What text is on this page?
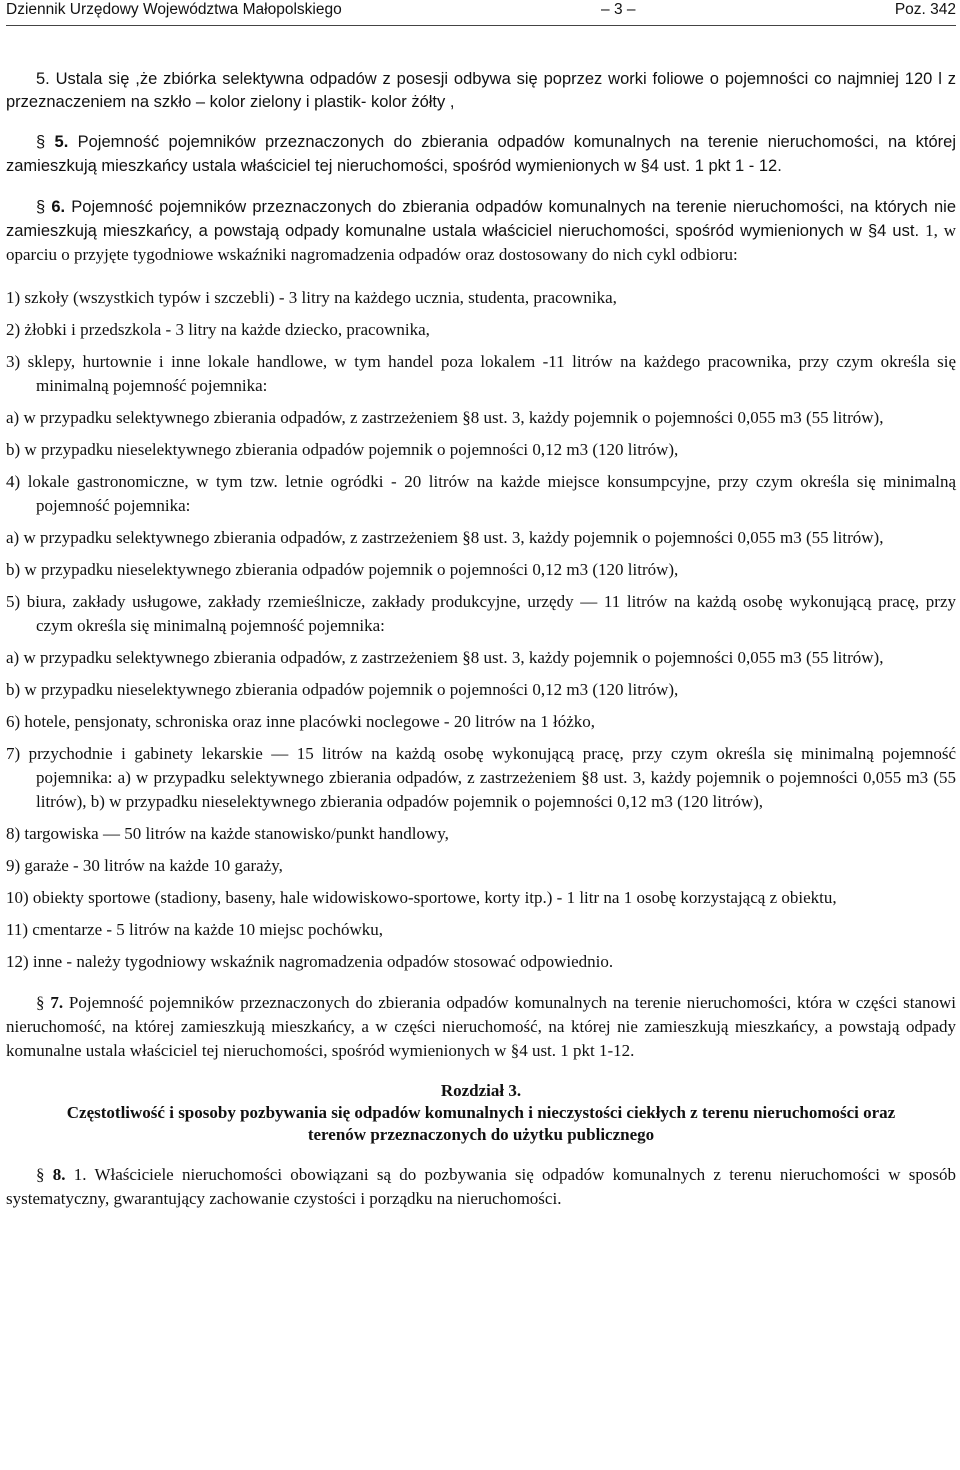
Dziennik Urzędowy Województwa Małopolskiego	– 3 –	Poz. 342

5. Ustala się ,że zbiórka selektywna odpadów z posesji odbywa się poprzez worki foliowe o pojemności co najmniej 120 l z przeznaczeniem na szkło – kolor zielony i plastik- kolor żółty ,

§ 5. Pojemność pojemników przeznaczonych do zbierania odpadów komunalnych na terenie nieruchomości, na której zamieszkują mieszkańcy ustala właściciel tej nieruchomości, spośród wymienionych w §4 ust. 1 pkt 1 - 12.

§ 6. Pojemność pojemników przeznaczonych do zbierania odpadów komunalnych na terenie nieruchomości, na których nie zamieszkują mieszkańcy, a powstają odpady komunalne ustala właściciel nieruchomości, spośród wymienionych w §4 ust. 1, w oparciu o przyjęte tygodniowe wskaźniki nagromadzenia odpadów oraz dostosowany do nich cykl odbioru:

1) szkoły (wszystkich typów i szczebli) - 3 litry na każdego ucznia, studenta, pracownika,

2) żłobki i przedszkola - 3 litry na każde dziecko, pracownika,

3) sklepy, hurtownie i inne lokale handlowe, w tym handel poza lokalem -11 litrów na każdego pracownika, przy czym określa się minimalną pojemność pojemnika:

a) w przypadku selektywnego zbierania odpadów, z zastrzeżeniem §8 ust. 3, każdy pojemnik o pojemności 0,055 m3 (55 litrów),

b) w przypadku nieselektywnego zbierania odpadów pojemnik o pojemności 0,12 m3 (120 litrów),

4) lokale gastronomiczne, w tym tzw. letnie ogródki - 20 litrów na każde miejsce konsumpcyjne, przy czym określa się minimalną pojemność pojemnika:

a) w przypadku selektywnego zbierania odpadów, z zastrzeżeniem §8 ust. 3, każdy pojemnik o pojemności 0,055 m3 (55 litrów),

b) w przypadku nieselektywnego zbierania odpadów pojemnik o pojemności 0,12 m3 (120 litrów),

5) biura, zakłady usługowe, zakłady rzemieślnicze, zakłady produkcyjne, urzędy — 11 litrów na każdą osobę wykonującą pracę, przy czym określa się minimalną pojemność pojemnika:

a) w przypadku selektywnego zbierania odpadów, z zastrzeżeniem §8 ust. 3, każdy pojemnik o pojemności 0,055 m3 (55 litrów),

b) w przypadku nieselektywnego zbierania odpadów pojemnik o pojemności 0,12 m3 (120 litrów),

6) hotele, pensjonaty, schroniska oraz inne placówki noclegowe - 20 litrów na 1 łóżko,

7) przychodnie i gabinety lekarskie — 15 litrów na każdą osobę wykonującą pracę, przy czym określa się minimalną pojemność pojemnika: a) w przypadku selektywnego zbierania odpadów, z zastrzeżeniem §8 ust. 3, każdy pojemnik o pojemności 0,055 m3 (55 litrów), b) w przypadku nieselektywnego zbierania odpadów pojemnik o pojemności 0,12 m3 (120 litrów),

8) targowiska — 50 litrów na każde stanowisko/punkt handlowy,

9) garaże - 30 litrów na każde 10 garaży,

10) obiekty sportowe (stadiony, baseny, hale widowiskowo-sportowe, korty itp.) - 1 litr na 1 osobę korzystającą z obiektu,

11) cmentarze - 5 litrów na każde 10 miejsc pochówku,

12) inne - należy tygodniowy wskaźnik nagromadzenia odpadów stosować odpowiednio.

§ 7. Pojemność pojemników przeznaczonych do zbierania odpadów komunalnych na terenie nieruchomości, która w części stanowi nieruchomość, na której zamieszkują mieszkańcy, a w części nieruchomość, na której nie zamieszkują mieszkańcy, a powstają odpady komunalne ustala właściciel tej nieruchomości, spośród wymienionych w §4 ust. 1 pkt 1-12.

Rozdział 3.

Częstotliwość i sposoby pozbywania się odpadów komunalnych i nieczystości ciekłych z terenu nieruchomości oraz terenów przeznaczonych do użytku publicznego

§ 8. 1. Właściciele nieruchomości obowiązani są do pozbywania się odpadów komunalnych z terenu nieruchomości w sposób systematyczny, gwarantujący zachowanie czystości i porządku na nieruchomości.
